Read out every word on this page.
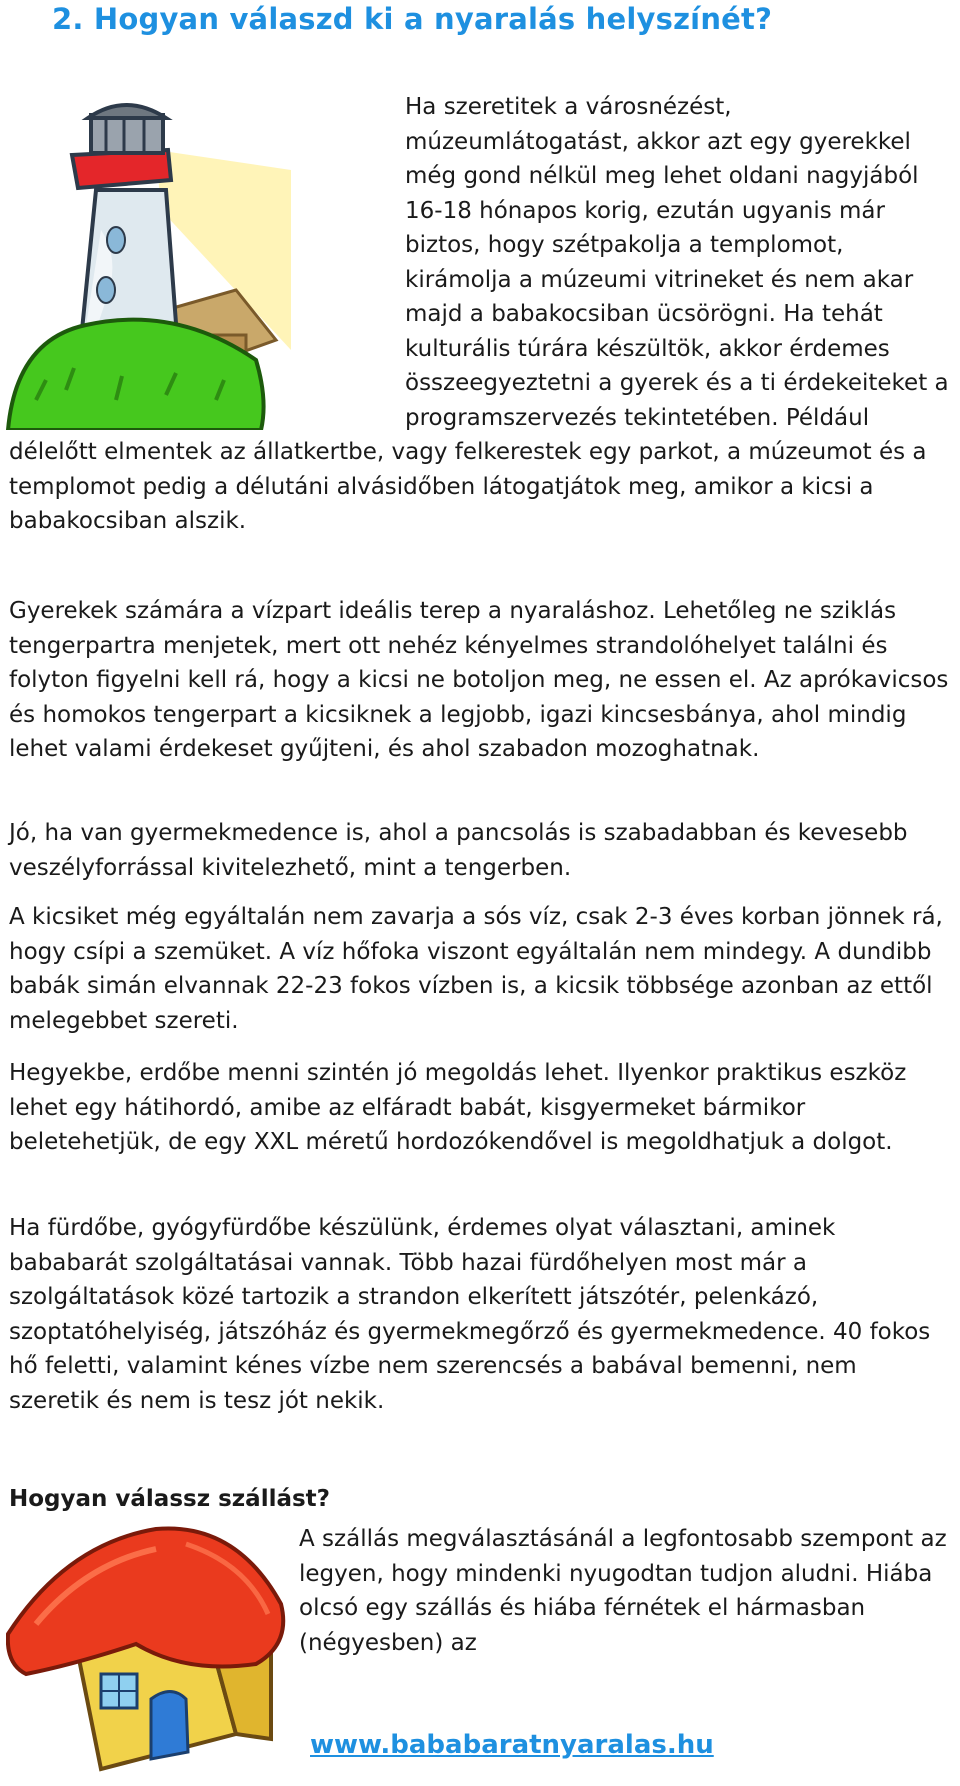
2. Hogyan válaszd ki a nyaralás helyszínét?
Ha szeretitek a városnézést, múzeumlátogatást, akkor azt egy gyerekkel még gond nélkül meg lehet oldani nagyjából 16-18 hónapos korig, ezután ugyanis már biztos, hogy szétpakolja a templomot, kirámolja a múzeumi vitrineket és nem akar majd a babakocsiban ücsörögni. Ha tehát kulturális túrára készültök, akkor érdemes összeegyeztetni a gyerek és a ti érdekeiteket a programszervezés tekintetében. Például délelőtt elmentek az állatkertbe, vagy felkerestek egy parkot, a múzeumot és a templomot pedig a délutáni alvásidőben látogatjátok meg, amikor a kicsi a babakocsiban alszik.

Gyerekek számára a vízpart ideális terep a nyaraláshoz. Lehetőleg ne sziklás tengerpartra menjetek, mert ott nehéz kényelmes strandolóhelyet találni és folyton figyelni kell rá, hogy a kicsi ne botoljon meg, ne essen el. Az aprókavicsos és homokos tengerpart a kicsiknek a legjobb, igazi kincsesbánya, ahol mindig lehet valami érdekeset gyűjteni, és ahol szabadon mozoghatnak.

Jó, ha van gyermekmedence is, ahol a pancsolás is szabadabban és kevesebb veszélyforrással kivitelezhető, mint a tengerben.

A kicsiket még egyáltalán nem zavarja a sós víz, csak 2-3 éves korban jönnek rá, hogy csípi a szemüket. A víz hőfoka viszont egyáltalán nem mindegy. A dundibb babák simán elvannak 22-23 fokos vízben is, a kicsik többsége azonban az ettől melegebbet szereti.

Hegyekbe, erdőbe menni szintén jó megoldás lehet. Ilyenkor praktikus eszköz lehet egy hátihordó, amibe az elfáradt babát, kisgyermeket bármikor beletehetjük, de egy XXL méretű hordozókendővel is megoldhatjuk a dolgot.

Ha fürdőbe, gyógyfürdőbe készülünk, érdemes olyat választani, aminek bababarát szolgáltatásai vannak. Több hazai fürdőhelyen most már a szolgáltatások közé tartozik a strandon elkerített játszótér, pelenkázó, szoptatóhelyiség, játszóház és gyermekmegőrző és gyermekmedence. 40 fokos hő feletti, valamint kénes vízbe nem szerencsés a babával bemenni, nem szeretik és nem is tesz jót nekik.

Hogyan válassz szállást?
A szállás megválasztásánál a legfontosabb szempont az legyen, hogy mindenki nyugodtan tudjon aludni. Hiába olcsó egy szállás és hiába férnétek el hármasban (négyesben) az
www.bababaratnyaralas.hu
